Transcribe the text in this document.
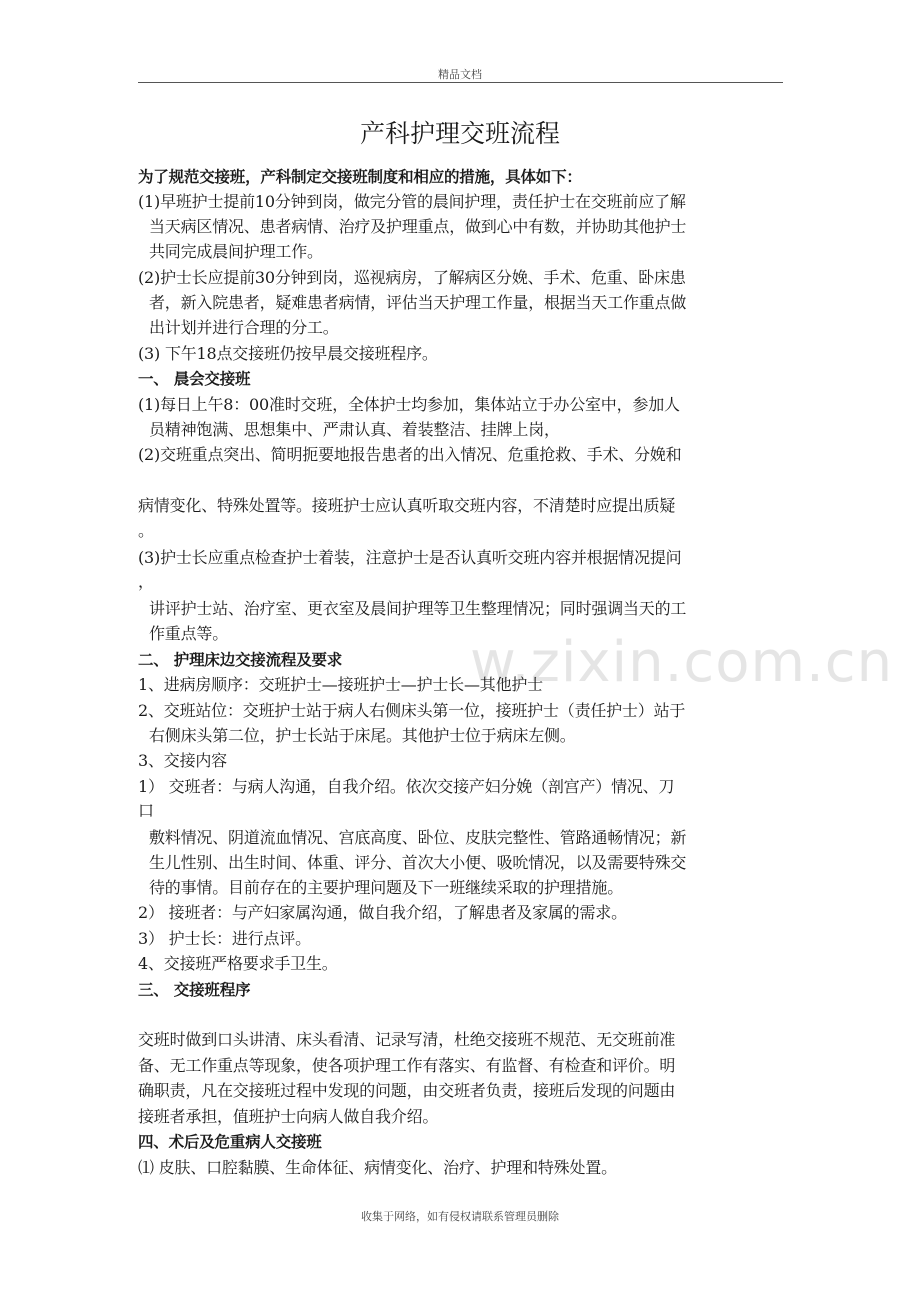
精品文档
w.zixin.com.cn
产科护理交班流程
为了规范交接班，产科制定交接班制度和相应的措施，具体如下：
(1)早班护士提前10分钟到岗，做完分管的晨间护理，责任护士在交班前应了解
当天病区情况、患者病情、治疗及护理重点，做到心中有数，并协助其他护士
共同完成晨间护理工作。
(2)护士长应提前30分钟到岗，巡视病房，了解病区分娩、手术、危重、卧床患
者，新入院患者，疑难患者病情，评估当天护理工作量，根据当天工作重点做
出计划并进行合理的分工。
(3) 下午18点交接班仍按早晨交接班程序。
一、 晨会交接班
(1)每日上午8：00准时交班，全体护士均参加，集体站立于办公室中，参加人
员精神饱满、思想集中、严肃认真、着装整洁、挂牌上岗，
(2)交班重点突出、简明扼要地报告患者的出入情况、危重抢救、手术、分娩和
病情变化、特殊处置等。接班护士应认真听取交班内容，不清楚时应提出质疑
。
(3)护士长应重点检查护士着装，注意护士是否认真听交班内容并根据情况提问
，
讲评护士站、治疗室、更衣室及晨间护理等卫生整理情况；同时强调当天的工
作重点等。
二、 护理床边交接流程及要求
1、进病房顺序：交班护士—接班护士—护士长—其他护士
2、交班站位：交班护士站于病人右侧床头第一位，接班护士（责任护士）站于
右侧床头第二位，护士长站于床尾。其他护士位于病床左侧。
3、交接内容
1） 交班者：与病人沟通，自我介绍。依次交接产妇分娩（剖宫产）情况、刀
口
敷料情况、阴道流血情况、宫底高度、卧位、皮肤完整性、管路通畅情况；新
生儿性别、出生时间、体重、评分、首次大小便、吸吮情况，以及需要特殊交
待的事情。目前存在的主要护理问题及下一班继续采取的护理措施。
2） 接班者：与产妇家属沟通，做自我介绍，了解患者及家属的需求。
3） 护士长：进行点评。
4、交接班严格要求手卫生。
三、 交接班程序
交班时做到口头讲清、床头看清、记录写清，杜绝交接班不规范、无交班前准
备、无工作重点等现象，使各项护理工作有落实、有监督、有检查和评价。明
确职责，凡在交接班过程中发现的问题，由交班者负责，接班后发现的问题由
接班者承担，值班护士向病人做自我介绍。
四、术后及危重病人交接班
⑴ 皮肤、口腔黏膜、生命体征、病情变化、治疗、护理和特殊处置。
收集于网络，如有侵权请联系管理员删除
